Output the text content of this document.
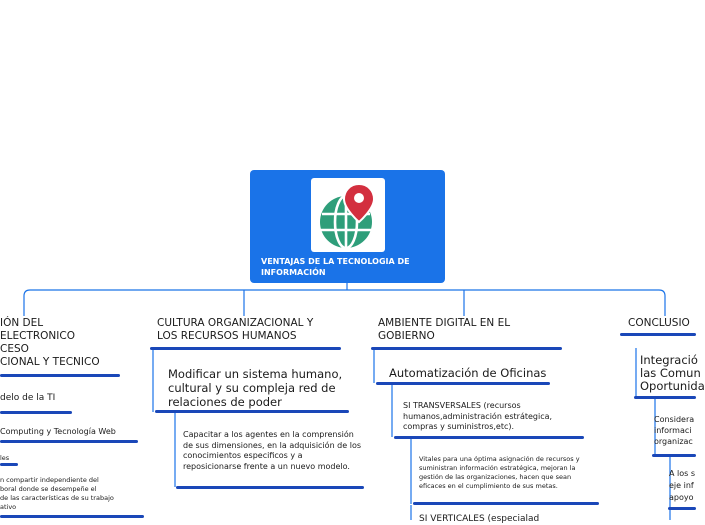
VENTAJAS DE LA TECNOLOGIA DE INFORMACIÓN
IÓN DEL
ELECTRONICO
CESO
CIONAL Y TECNICO
delo de la TI
Computing y Tecnología Web
les
n compartir independiente del
boral donde se desempeñe el
de las características de su trabajo
ativo
CULTURA ORGANIZACIONAL Y LOS RECURSOS HUMANOS
Modificar un sistema humano, cultural y su compleja red de relaciones de poder
Capacitar a los agentes en la comprensión de sus dimensiones, en la adquisición de los conocimientos especificos y a reposicionarse frente a un nuevo modelo.
AMBIENTE DIGITAL EN EL GOBIERNO
Automatización de Oficinas
SI TRANSVERSALES (recursos humanos,administración estrátegica, compras y suministros,etc).
Vitales para una óptima asignación de recursos y suministran información estratégica, mejoran la gestión de las organizaciones, hacen que sean eficaces en el cumplimiento de sus metas.
SI VERTICALES (especialad
CONCLUSIO
Integració
las Comun
Oportunida
Considera
informaci
organizac
A los s
eje inf
apoyo
